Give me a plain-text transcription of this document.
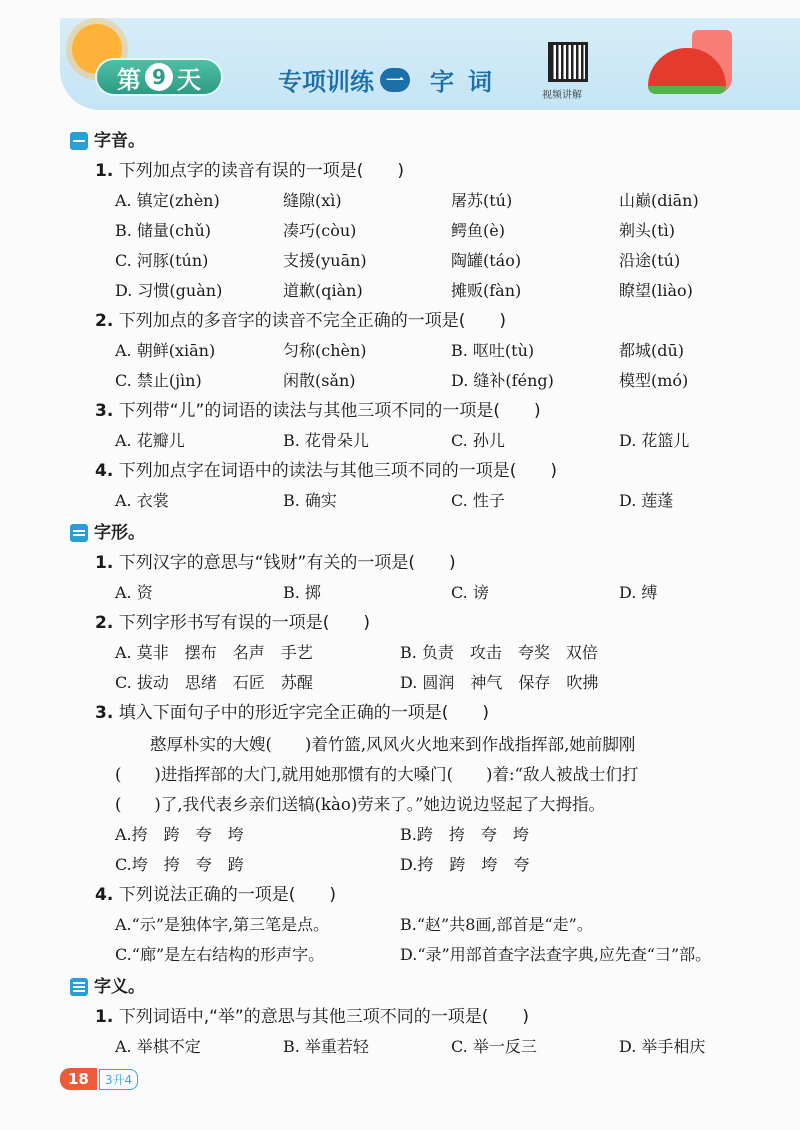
第 9 天	专项训练 一 字词	视频讲解
字音。
1. 下列加点字的读音有误的一项是(　　)
A. 镇定(zhèn)	缝隙(xì)	屠苏(tú)	山巅(diān)
B. 储量(chǔ)	凑巧(còu)	鳄鱼(è)	剃头(tì)
C. 河豚(tún)	支援(yuān)	陶罐(táo)	沿途(tú)
D. 习惯(guàn)	道歉(qiàn)	摊贩(fàn)	瞭望(liào)
2. 下列加点的多音字的读音不完全正确的一项是(　　)
A. 朝鲜(xiān)	匀称(chèn)	B. 呕吐(tù)	都城(dū)
C. 禁止(jìn)	闲散(sǎn)	D. 缝补(féng)	模型(mó)
3. 下列带“儿”的词语的读法与其他三项不同的一项是(　　)
A. 花瓣儿	B. 花骨朵儿	C. 孙儿	D. 花篮儿
4. 下列加点字在词语中的读法与其他三项不同的一项是(　　)
A. 衣裳	B. 确实	C. 性子	D. 莲蓬
字形。
1. 下列汉字的意思与“钱财”有关的一项是(　　)
A. 资	B. 掷	C. 谤	D. 缚
2. 下列字形书写有误的一项是(　　)
A. 莫非　摆布　名声　手艺	B. 负责　攻击　夸奖　双倍
C. 拔动　思绪　石匠　苏醒	D. 圆润　神气　保存　吹拂
3. 填入下面句子中的形近字完全正确的一项是(　　)
憨厚朴实的大嫂(　　)着竹篮,风风火火地来到作战指挥部,她前脚刚
(　　)进指挥部的大门,就用她那惯有的大嗓门(　　)着:“敌人被战士们打
(　　)了,我代表乡亲们送犒(kào)劳来了。”她边说边竖起了大拇指。
A.挎　跨　夸　垮	B.跨　挎　夸　垮
C.垮　挎　夸　跨	D.挎　跨　垮　夸
4. 下列说法正确的一项是(　　)
A.“示”是独体字,第三笔是点。	B.“赵”共8画,部首是“走”。
C.“廊”是左右结构的形声字。	D.“录”用部首查字法查字典,应先查“彐”部。
字义。
1. 下列词语中,“举”的意思与其他三项不同的一项是(　　)
A. 举棋不定	B. 举重若轻	C. 举一反三	D. 举手相庆
18	3升4
